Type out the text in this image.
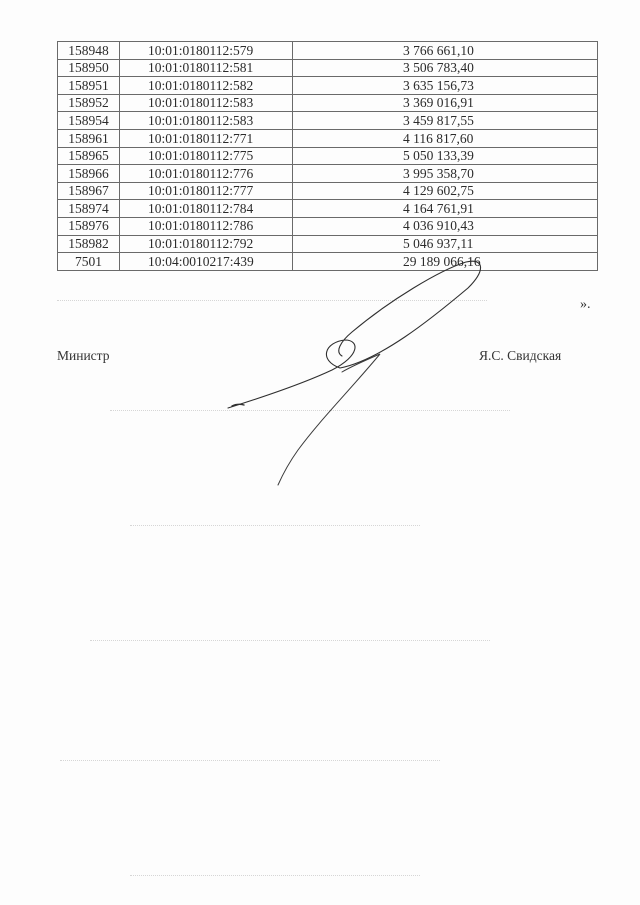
158948	10:01:0180112:579	3 766 661,10
158950	10:01:0180112:581	3 506 783,40
158951	10:01:0180112:582	3 635 156,73
158952	10:01:0180112:583	3 369 016,91
158954	10:01:0180112:583	3 459 817,55
158961	10:01:0180112:771	4 116 817,60
158965	10:01:0180112:775	5 050 133,39
158966	10:01:0180112:776	3 995 358,70
158967	10:01:0180112:777	4 129 602,75
158974	10:01:0180112:784	4 164 761,91
158976	10:01:0180112:786	4 036 910,43
158982	10:01:0180112:792	5 046 937,11
7501	10:04:0010217:439	29 189 066,16
».
Министр	Я.С. Свидская
